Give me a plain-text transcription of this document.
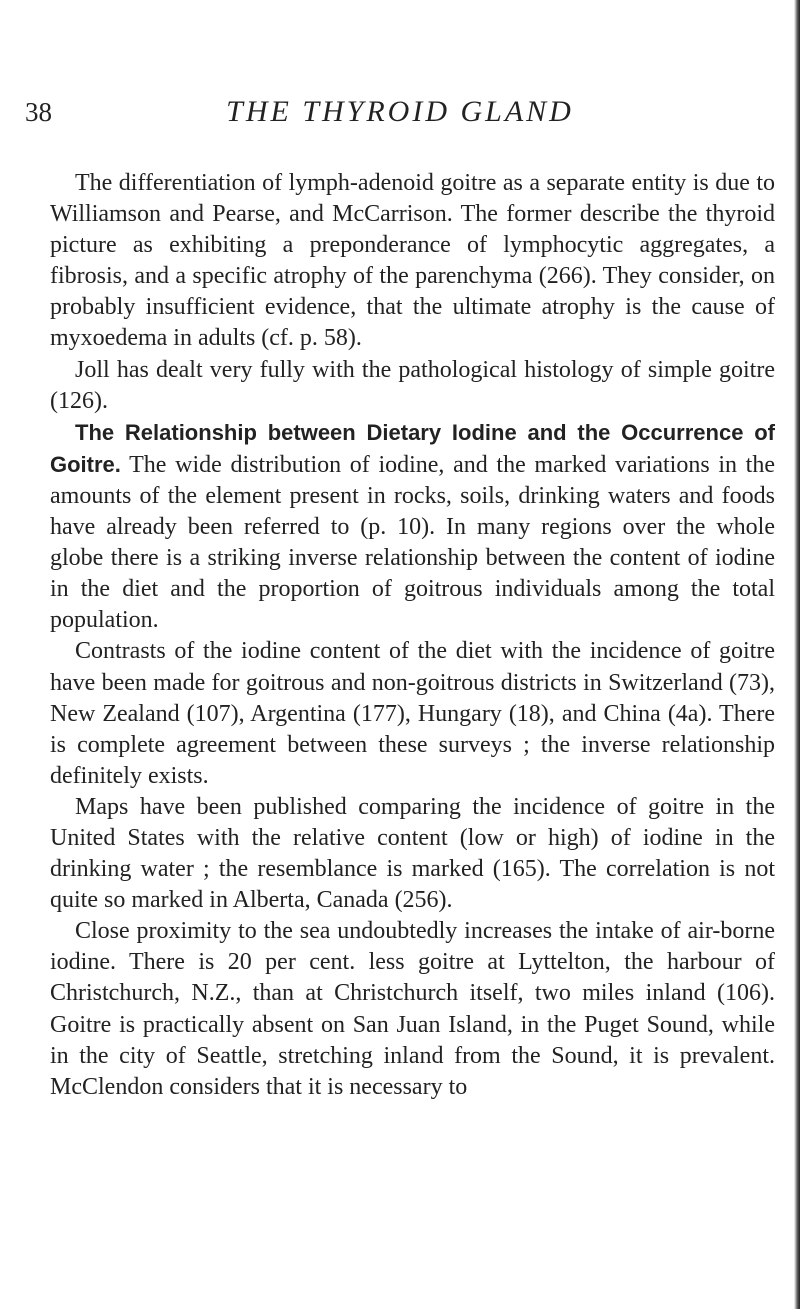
38	THE THYROID GLAND

The differentiation of lymph-adenoid goitre as a separate entity is due to Williamson and Pearse, and McCarrison. The former describe the thyroid picture as exhibiting a preponderance of lymphocytic aggregates, a fibrosis, and a specific atrophy of the parenchyma (266). They consider, on probably insufficient evidence, that the ultimate atrophy is the cause of myxoedema in adults (cf. p. 58).

Joll has dealt very fully with the pathological histology of simple goitre (126).

The Relationship between Dietary Iodine and the Occurrence of Goitre. The wide distribution of iodine, and the marked variations in the amounts of the element present in rocks, soils, drinking waters and foods have already been referred to (p. 10). In many regions over the whole globe there is a striking inverse relationship between the content of iodine in the diet and the proportion of goitrous individuals among the total population.

Contrasts of the iodine content of the diet with the incidence of goitre have been made for goitrous and non-goitrous districts in Switzerland (73), New Zealand (107), Argentina (177), Hungary (18), and China (4a). There is complete agreement between these surveys ; the inverse relationship definitely exists.

Maps have been published comparing the incidence of goitre in the United States with the relative content (low or high) of iodine in the drinking water ; the resemblance is marked (165). The correlation is not quite so marked in Alberta, Canada (256).

Close proximity to the sea undoubtedly increases the intake of air-borne iodine. There is 20 per cent. less goitre at Lyttelton, the harbour of Christchurch, N.Z., than at Christchurch itself, two miles inland (106). Goitre is practically absent on San Juan Island, in the Puget Sound, while in the city of Seattle, stretching inland from the Sound, it is prevalent. McClendon considers that it is necessary to
